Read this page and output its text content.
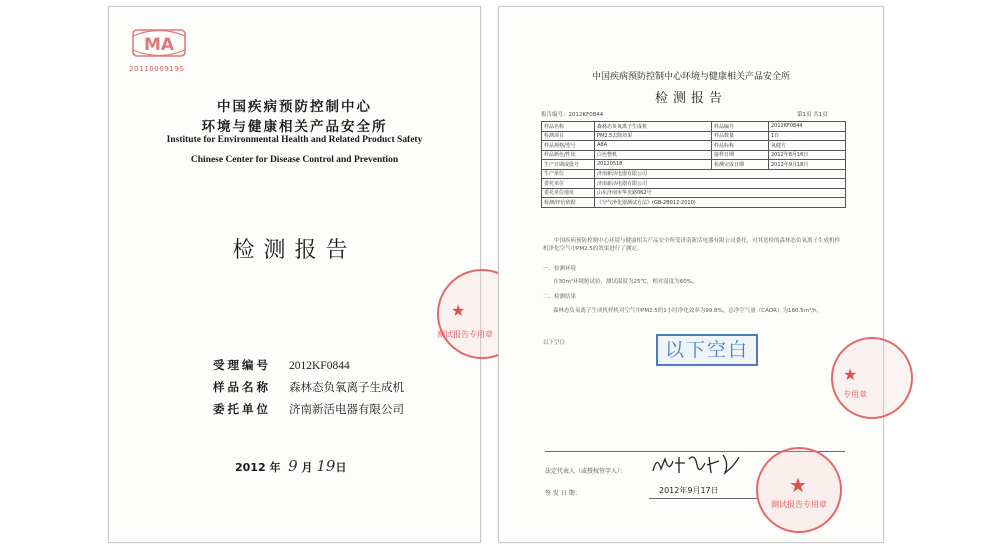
MA
2011000919S
中国疾病预防控制中心
环境与健康相关产品安全所
Institute for Environmental Health and Related Product Safety
Chinese Center for Disease Control and Prevention
检测报告
受理编号 2012KF0844
样品名称 森林态负氧离子生成机
委托单位 济南新活电器有限公司
2012 年 9 月 19日
★
测试报告专用章
中国疾病预防控制中心环境与健康相关产品安全所
检测报告
报告编号：2012KF0844	第1页 共1页
样品名称	森林态负氧离子生成机	样品编号	2012KF0844
检测项目	PM2.5去除效果	样品数量	1台
样品规格/型号	A8A	样品标称	氧健方
样品颜色/性状	白色整机	接样日期	2012年8月16日
生产日期或批号	20120518	检测完成日期	2012年9月18日
生产单位	济南新活电器有限公司		
委托单位	济南新活电器有限公司		
委托单位地址	山东济南市华龙路062号		
检测/评价依据	《空气净化器测试方法》(GB-2B012-2010)		
中国疾病预防控制中心环境与健康相关产品安全所受济南新活电器有限公司委托，对其送检的森林态负氧离子生成机样机净化空气中PM2.5的效果进行了测定。
一、检测环境
在30m³环境舱试验，测试温度为25℃，相对湿度为60%。
二、检测结果
森林态负氧离子生成机样机对空气中PM2.5的1小时净化效率为99.8%，总净空气量（CADR）为180.5m³/h。
以下空白	以下空白
★
专用章
法定代表人（或授权签字人）：
签 发 日 期：	2012年9月17日	★
测试报告专用章
